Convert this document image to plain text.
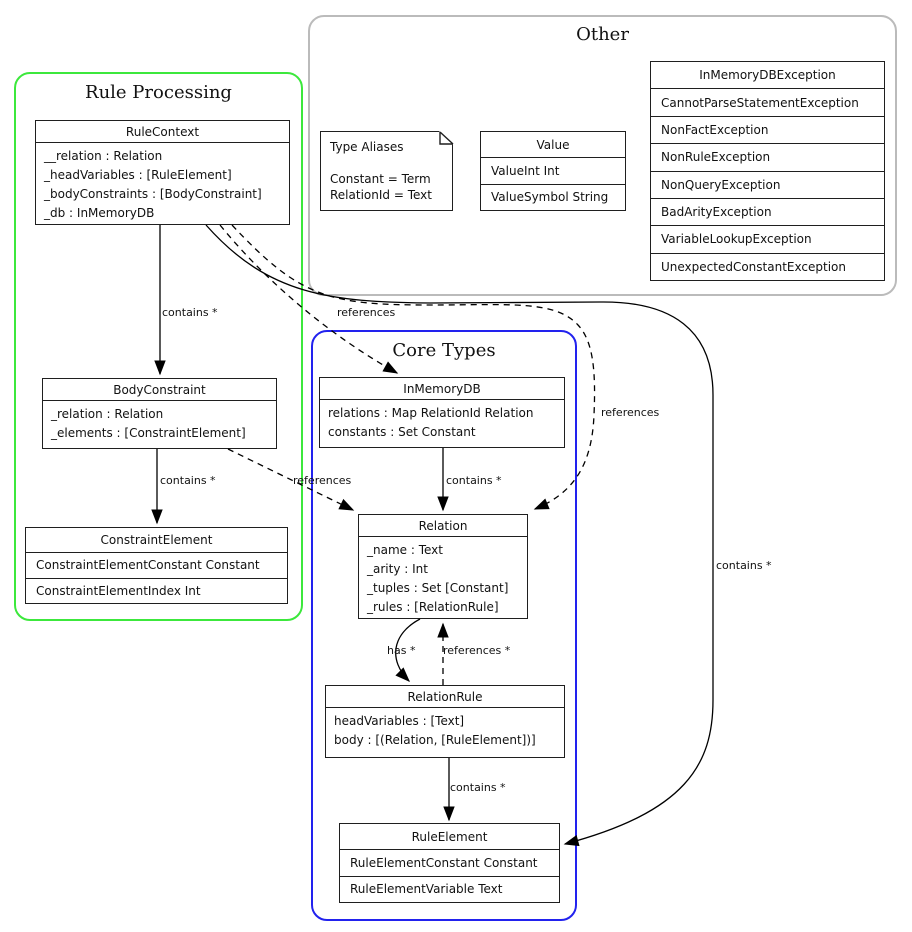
Rule Processing
Other
Core Types
RuleContext
__relation : Relation
_headVariables : [RuleElement]
_bodyConstraints : [BodyConstraint]
_db : InMemoryDB
BodyConstraint
_relation : Relation
_elements : [ConstraintElement]
ConstraintElement
ConstraintElementConstant Constant
ConstraintElementIndex Int
Type Aliases
Constant = Term
RelationId = Text
Value
ValueInt Int
ValueSymbol String
InMemoryDBException
CannotParseStatementException
NonFactException
NonRuleException
NonQueryException
BadArityException
VariableLookupException
UnexpectedConstantException
InMemoryDB
relations : Map RelationId Relation
constants : Set Constant
Relation
_name : Text
_arity : Int
_tuples : Set [Constant]
_rules : [RelationRule]
RelationRule
headVariables : [Text]
body : [(Relation, [RuleElement])]
RuleElement
RuleElementConstant Constant
RuleElementVariable Text
contains *	references
contains *	references	contains *
references
has *	references *
contains *
contains *
